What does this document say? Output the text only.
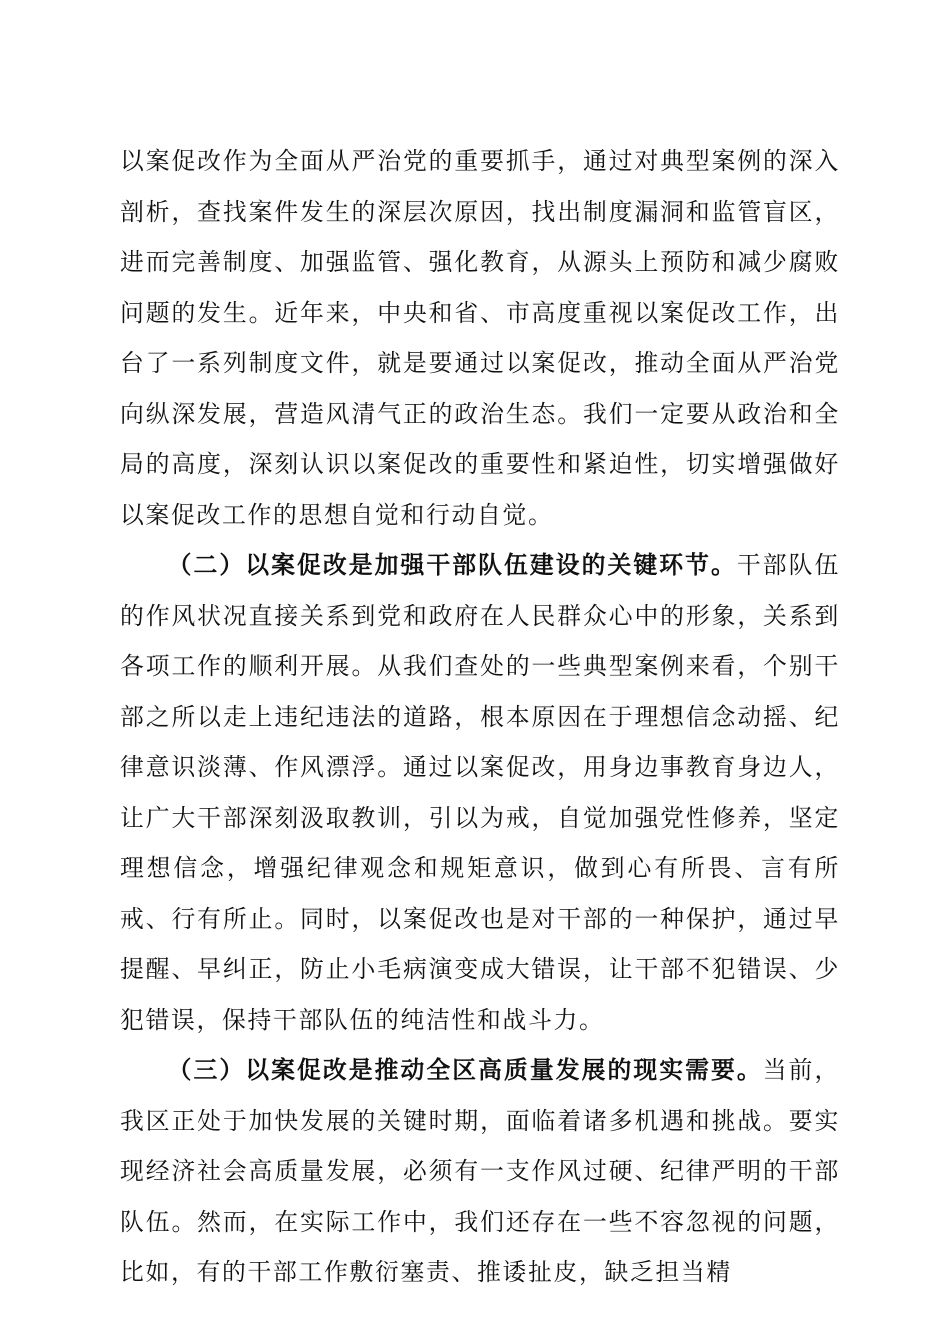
以案促改作为全面从严治党的重要抓手，通过对典型案例的深入剖析，查找案件发生的深层次原因，找出制度漏洞和监管盲区，进而完善制度、加强监管、强化教育，从源头上预防和减少腐败问题的发生。近年来，中央和省、市高度重视以案促改工作，出台了一系列制度文件，就是要通过以案促改，推动全面从严治党向纵深发展，营造风清气正的政治生态。我们一定要从政治和全局的高度，深刻认识以案促改的重要性和紧迫性，切实增强做好以案促改工作的思想自觉和行动自觉。

（二）以案促改是加强干部队伍建设的关键环节。干部队伍的作风状况直接关系到党和政府在人民群众心中的形象，关系到各项工作的顺利开展。从我们查处的一些典型案例来看，个别干部之所以走上违纪违法的道路，根本原因在于理想信念动摇、纪律意识淡薄、作风漂浮。通过以案促改，用身边事教育身边人，让广大干部深刻汲取教训，引以为戒，自觉加强党性修养，坚定理想信念，增强纪律观念和规矩意识，做到心有所畏、言有所戒、行有所止。同时，以案促改也是对干部的一种保护，通过早提醒、早纠正，防止小毛病演变成大错误，让干部不犯错误、少犯错误，保持干部队伍的纯洁性和战斗力。

（三）以案促改是推动全区高质量发展的现实需要。当前，我区正处于加快发展的关键时期，面临着诸多机遇和挑战。要实现经济社会高质量发展，必须有一支作风过硬、纪律严明的干部队伍。然而，在实际工作中，我们还存在一些不容忽视的问题，比如，有的干部工作敷衍塞责、推诿扯皮，缺乏担当精
